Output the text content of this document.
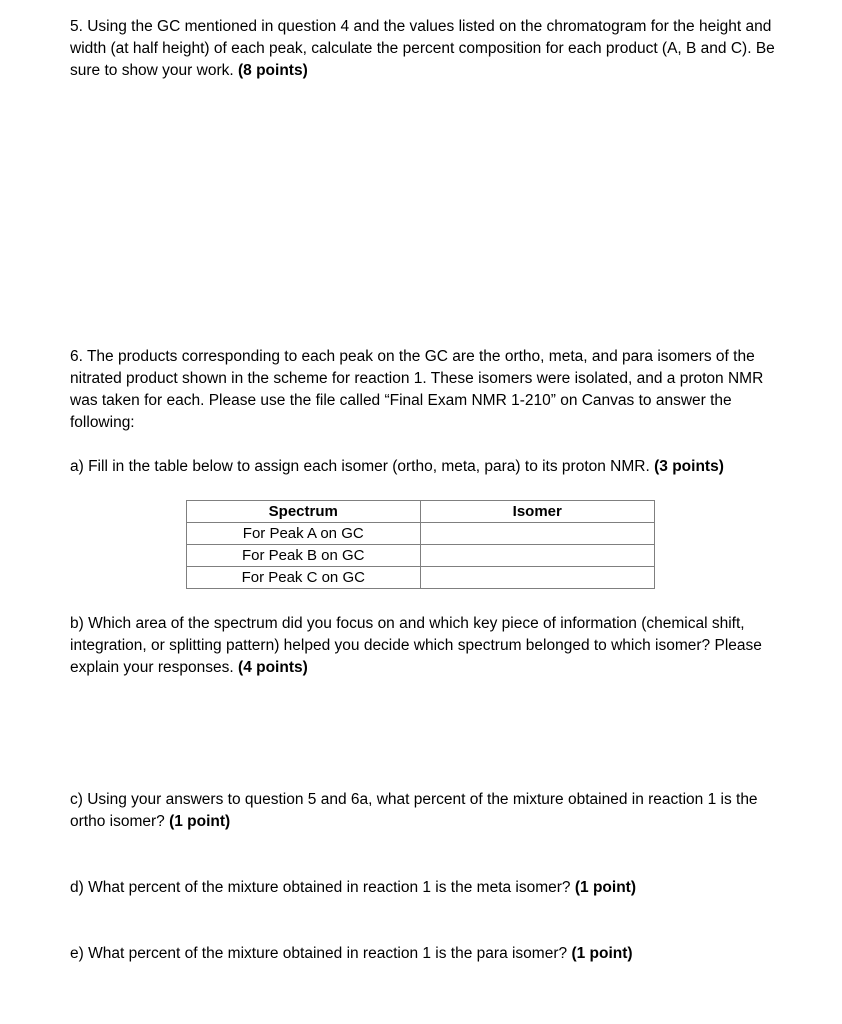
5. Using the GC mentioned in question 4 and the values listed on the chromatogram for the height and width (at half height) of each peak, calculate the percent composition for each product (A, B and C). Be sure to show your work. (8 points)

6. The products corresponding to each peak on the GC are the ortho, meta, and para isomers of the nitrated product shown in the scheme for reaction 1. These isomers were isolated, and a proton NMR was taken for each. Please use the file called “Final Exam NMR 1-210” on Canvas to answer the following:

a) Fill in the table below to assign each isomer (ortho, meta, para) to its proton NMR. (3 points)

Spectrum	Isomer
For Peak A on GC	
For Peak B on GC	
For Peak C on GC	

b) Which area of the spectrum did you focus on and which key piece of information (chemical shift, integration, or splitting pattern) helped you decide which spectrum belonged to which isomer? Please explain your responses. (4 points)

c) Using your answers to question 5 and 6a, what percent of the mixture obtained in reaction 1 is the ortho isomer? (1 point)

d) What percent of the mixture obtained in reaction 1 is the meta isomer? (1 point)

e) What percent of the mixture obtained in reaction 1 is the para isomer? (1 point)
